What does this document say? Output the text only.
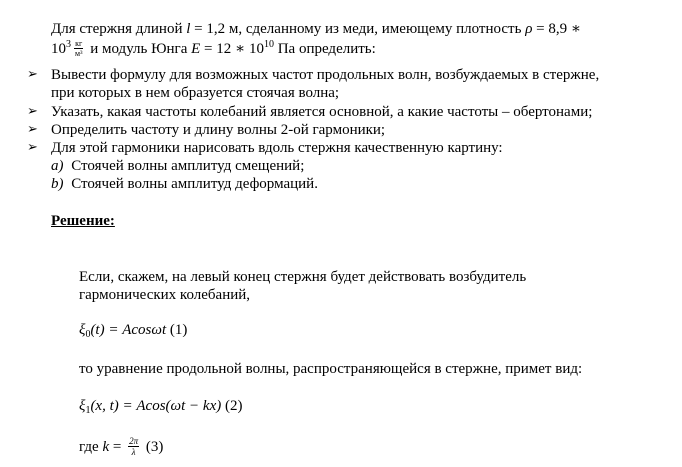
Для стержня длиной l = 1,2 м, сделанному из меди, имеющему плотность ρ = 8,9 ∗
$10^3 \frac{кг}{\text{м³}}$ и модуль Юнга E = 12 ∗ $10^{10}$ Па определить:
➢ Вывести формулу для возможных частот продольных волн, возбуждаемых в стержне,
при которых в нем образуется стоячая волна;
➢ Указать, какая частоты колебаний является основной, а какие частоты – обертонами;
➢ Определить частоту и длину волны 2-ой гармоники;
➢ Для этой гармоники нарисовать вдоль стержня качественную картину:
a) Стоячей волны амплитуд смещений;
b) Стоячей волны амплитуд деформаций.
Решение:
Если, скажем, на левый конец стержня будет действовать возбудитель
гармонических колебаний,
$\xi_0(t) = Acos\omega t$ (1)
то уравнение продольной волны, распространяющейся в стержне, примет вид:
$\xi_1(x$, t) = Acos(ωt − kx) (2)
где $k = \frac{2\pi}{\lambda} (3)$
